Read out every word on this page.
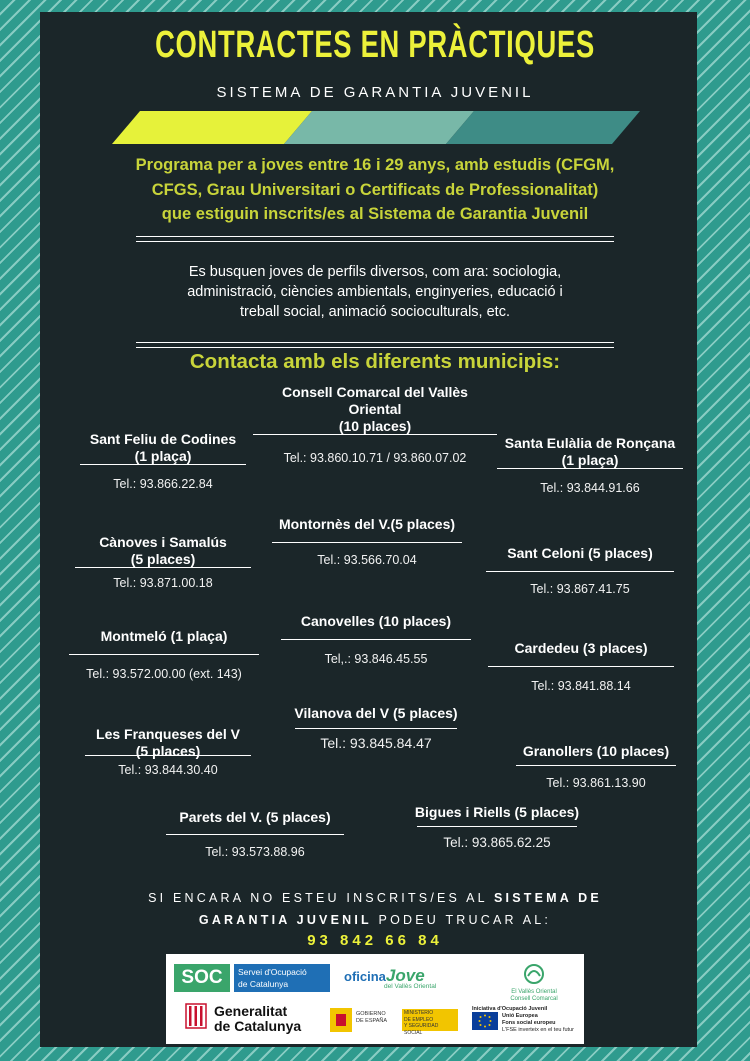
CONTRACTES EN PRÀCTIQUES
SISTEMA DE GARANTIA JUVENIL
Programa per a joves entre 16 i 29 anys, amb estudis (CFGM,
CFGS, Grau Universitari o Certificats de Professionalitat)
que estiguin inscrits/es al Sistema de Garantia Juvenil
Es busquen joves de perfils diversos, com ara: sociologia,
administració, ciències ambientals, enginyeries, educació i
treball social, animació socioculturals, etc.
Contacta amb els diferents municipis:
Consell Comarcal del Vallès
Oriental
(10 places)
Tel.: 93.860.10.71 / 93.860.07.02
Sant Feliu de Codines
(1 plaça)
Tel.: 93.866.22.84
Santa Eulàlia de Ronçana
(1 plaça)
Tel.: 93.844.91.66
Montornès del V.(5 places)
Tel.: 93.566.70.04
Cànoves i Samalús
(5 places)
Tel.: 93.871.00.18
Sant Celoni (5 places)
Tel.: 93.867.41.75
Canovelles (10 places)
Tel,.: 93.846.45.55
Montmeló (1 plaça)
Tel.: 93.572.00.00 (ext. 143)
Cardedeu (3 places)
Tel.: 93.841.88.14
Vilanova del V (5 places)
Tel.: 93.845.84.47
Les Franqueses del V
(5 places)
Tel.: 93.844.30.40
Granollers (10 places)
Tel.: 93.861.13.90
Parets del V. (5 places)
Tel.: 93.573.88.96
Bigues i Riells (5 places)
Tel.: 93.865.62.25
SI ENCARA NO ESTEU INSCRITS/ES AL SISTEMA DE
GARANTIA JUVENIL PODEU TRUCAR AL:
93 842 66 84
SOC	Servei d'Ocupació
de Catalunya	oficinaJove
del Vallès Oriental
El Vallès Oriental
Consell Comarcal
Generalitat
de Catalunya
GOBIERNO
DE ESPAÑA
MINISTERIO
DE EMPLEO
Y SEGURIDAD SOCIAL
Iniciativa d'Ocupació Juvenil
Unió Europea
Fons social europeu
L'FSE inverteix en el teu futur
